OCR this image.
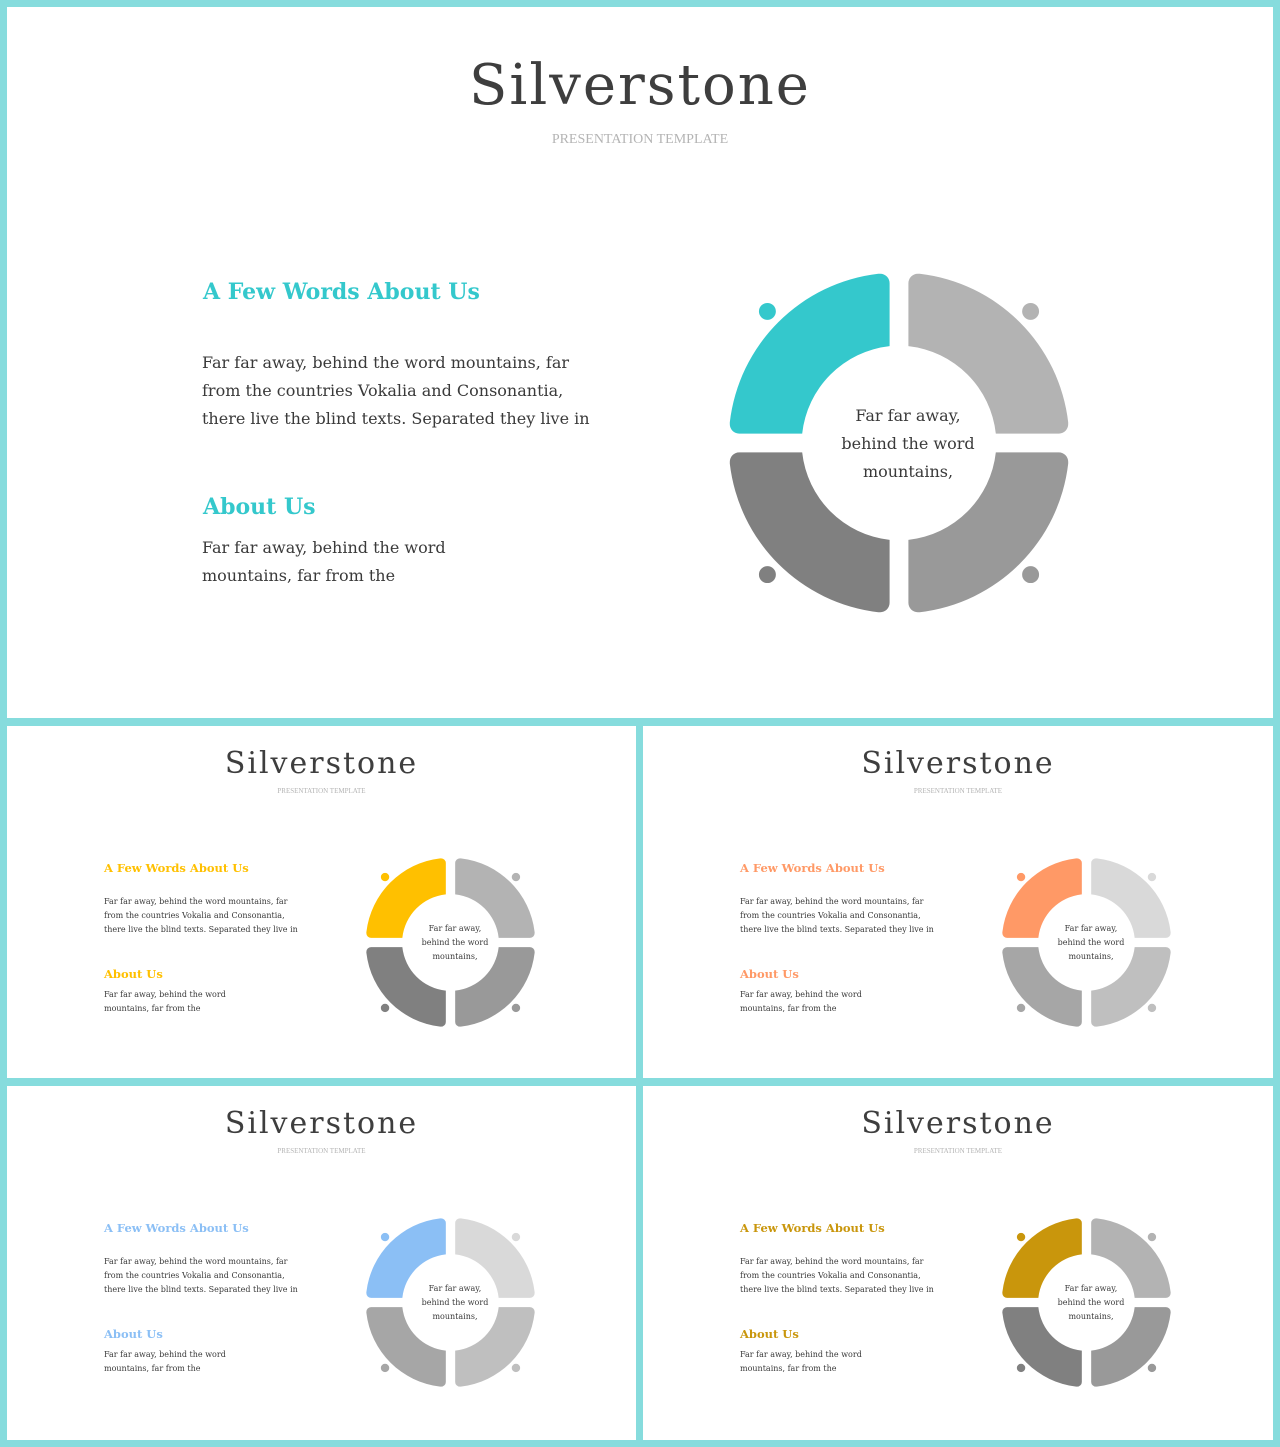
Silverstone
PRESENTATION TEMPLATE
A Few Words About Us
Far far away, behind the word mountains, far
from the countries Vokalia and Consonantia,
there live the blind texts. Separated they live in
About Us
Far far away, behind the word
mountains, far from the
Far far away,
behind the word
mountains,
Silverstone
PRESENTATION TEMPLATE
A Few Words About Us
Far far away, behind the word mountains, far
from the countries Vokalia and Consonantia,
there live the blind texts. Separated they live in
About Us
Far far away, behind the word
mountains, far from the
Far far away,
behind the word
mountains,
Silverstone
PRESENTATION TEMPLATE
A Few Words About Us
Far far away, behind the word mountains, far
from the countries Vokalia and Consonantia,
there live the blind texts. Separated they live in
About Us
Far far away, behind the word
mountains, far from the
Far far away,
behind the word
mountains,
Silverstone
PRESENTATION TEMPLATE
A Few Words About Us
Far far away, behind the word mountains, far
from the countries Vokalia and Consonantia,
there live the blind texts. Separated they live in
About Us
Far far away, behind the word
mountains, far from the
Far far away,
behind the word
mountains,
Silverstone
PRESENTATION TEMPLATE
A Few Words About Us
Far far away, behind the word mountains, far
from the countries Vokalia and Consonantia,
there live the blind texts. Separated they live in
About Us
Far far away, behind the word
mountains, far from the
Far far away,
behind the word
mountains,
